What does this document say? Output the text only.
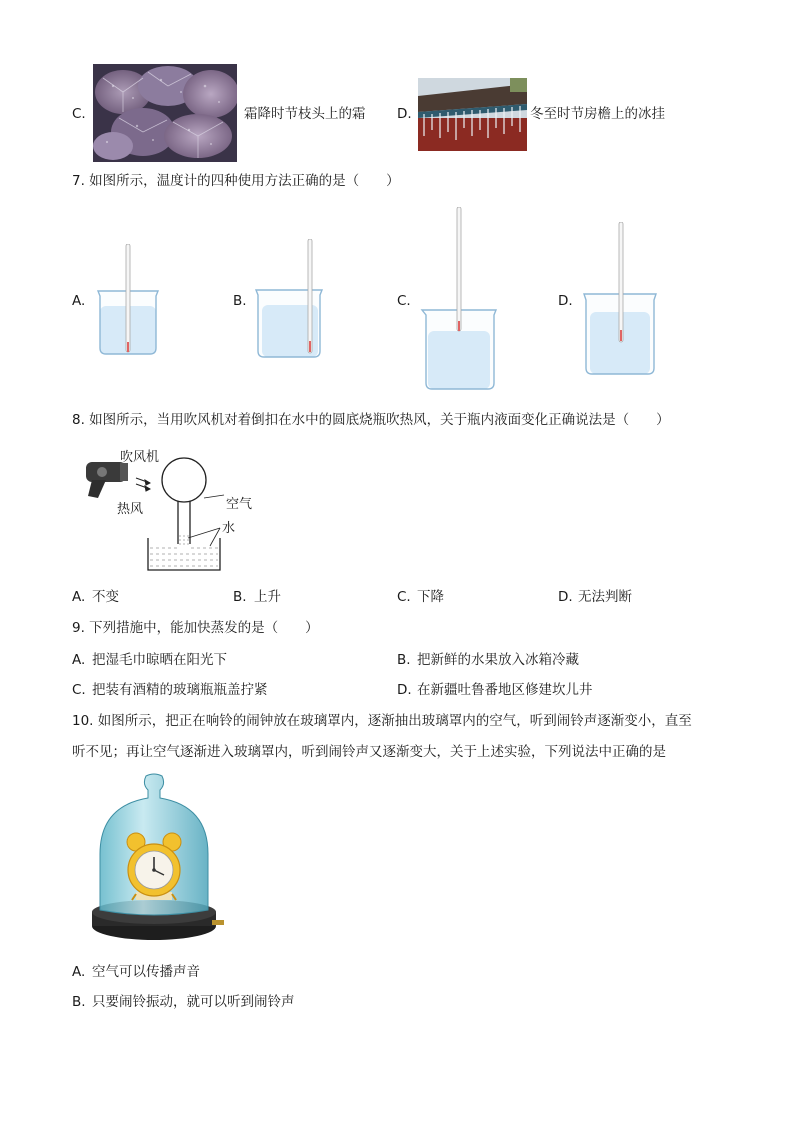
C.	霜降时节枝头上的霜 D.	冬至时节房檐上的冰挂
7. 如图所示，温度计的四种使用方法正确的是（　　）
A.	B.	C.	D.
8. 如图所示，当用吹风机对着倒扣在水中的圆底烧瓶吹热风，关于瓶内液面变化正确说法是（　　）
吹风机
热风	空气
水
A. 不变	B. 上升	C. 下降	D. 无法判断
9. 下列措施中，能加快蒸发的是（　　）
A. 把湿毛巾晾晒在阳光下	B. 把新鲜的水果放入冰箱冷藏
C. 把装有酒精的玻璃瓶瓶盖拧紧	D. 在新疆吐鲁番地区修建坎儿井
10. 如图所示，把正在响铃的闹钟放在玻璃罩内，逐渐抽出玻璃罩内的空气，听到闹铃声逐渐变小，直至
听不见；再让空气逐渐进入玻璃罩内，听到闹铃声又逐渐变大，关于上述实验，下列说法中正确的是
A. 空气可以传播声音
B. 只要闹铃振动，就可以听到闹铃声
